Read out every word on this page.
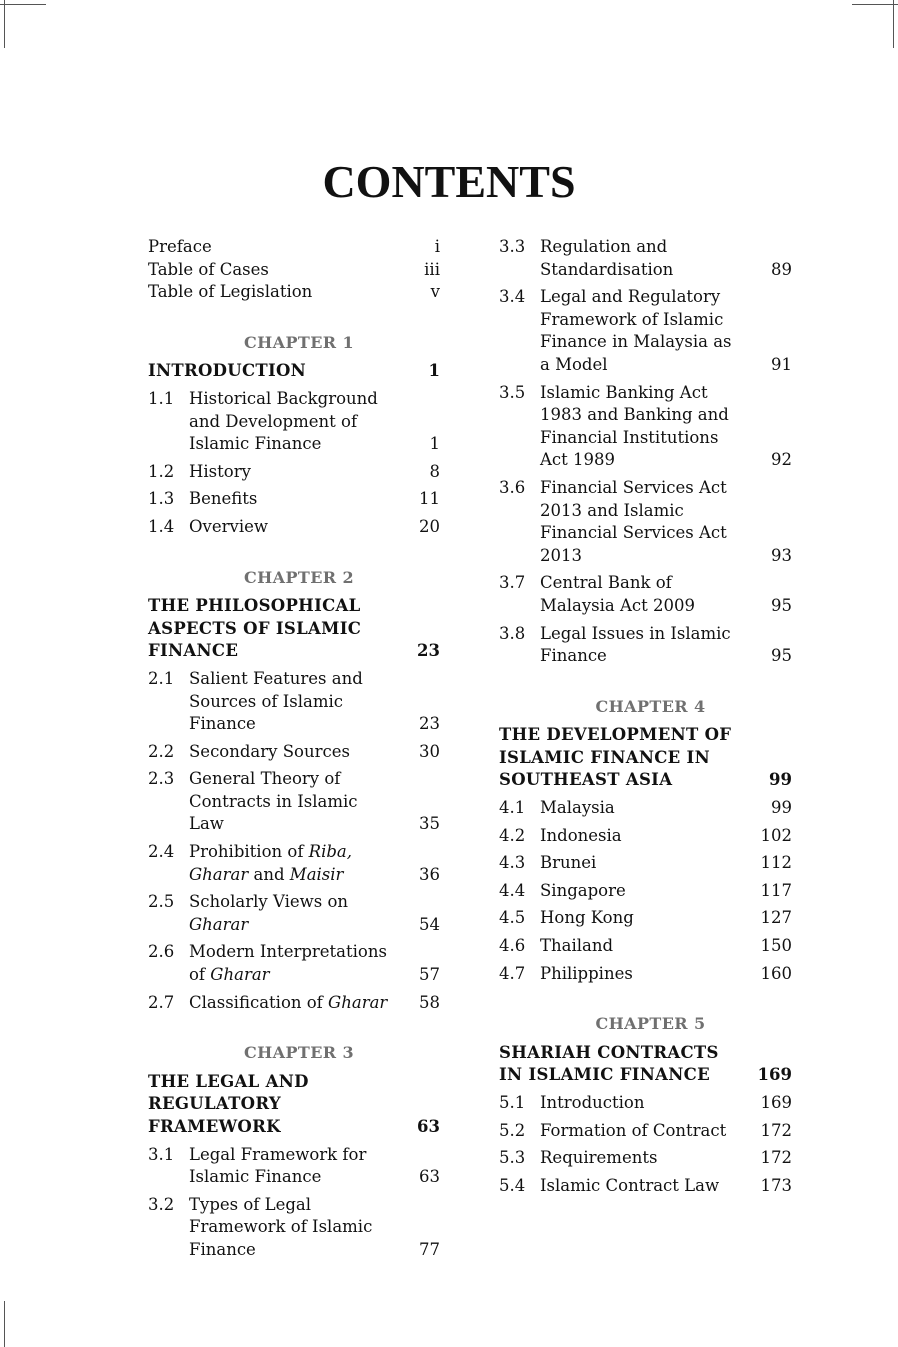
CONTENTS
Preface	i
Table of Cases	iii
Table of Legislation	v
CHAPTER 1
INTRODUCTION	1
1.1 Historical Background and Development of Islamic Finance	1
1.2 History	8
1.3 Benefits	11
1.4 Overview	20
CHAPTER 2
THE PHILOSOPHICAL ASPECTS OF ISLAMIC FINANCE	23
2.1 Salient Features and Sources of Islamic Finance	23
2.2 Secondary Sources	30
2.3 General Theory of Contracts in Islamic Law	35
2.4 Prohibition of Riba,
Gharar and Maisir	36
2.5 Scholarly Views on
Gharar	54
2.6 Modern Interpretations of Gharar	57
2.7 Classification of Gharar	58
CHAPTER 3
THE LEGAL AND REGULATORY FRAMEWORK	63
3.1 Legal Framework for Islamic Finance	63
3.2 Types of Legal Framework of Islamic Finance	77
3.3 Regulation and Standardisation	89
3.4 Legal and Regulatory Framework of Islamic Finance in Malaysia as a Model	91
3.5 Islamic Banking Act 1983 and Banking and Financial Institutions Act 1989	92
3.6 Financial Services Act 2013 and Islamic Financial Services Act 2013	93
3.7 Central Bank of Malaysia Act 2009	95
3.8 Legal Issues in Islamic Finance	95
CHAPTER 4
THE DEVELOPMENT OF ISLAMIC FINANCE IN SOUTHEAST ASIA	99
4.1 Malaysia	99
4.2 Indonesia	102
4.3 Brunei	112
4.4 Singapore	117
4.5 Hong Kong	127
4.6 Thailand	150
4.7 Philippines	160
CHAPTER 5
SHARIAH CONTRACTS IN ISLAMIC FINANCE	169
5.1 Introduction	169
5.2 Formation of Contract	172
5.3 Requirements	172
5.4 Islamic Contract Law	173
